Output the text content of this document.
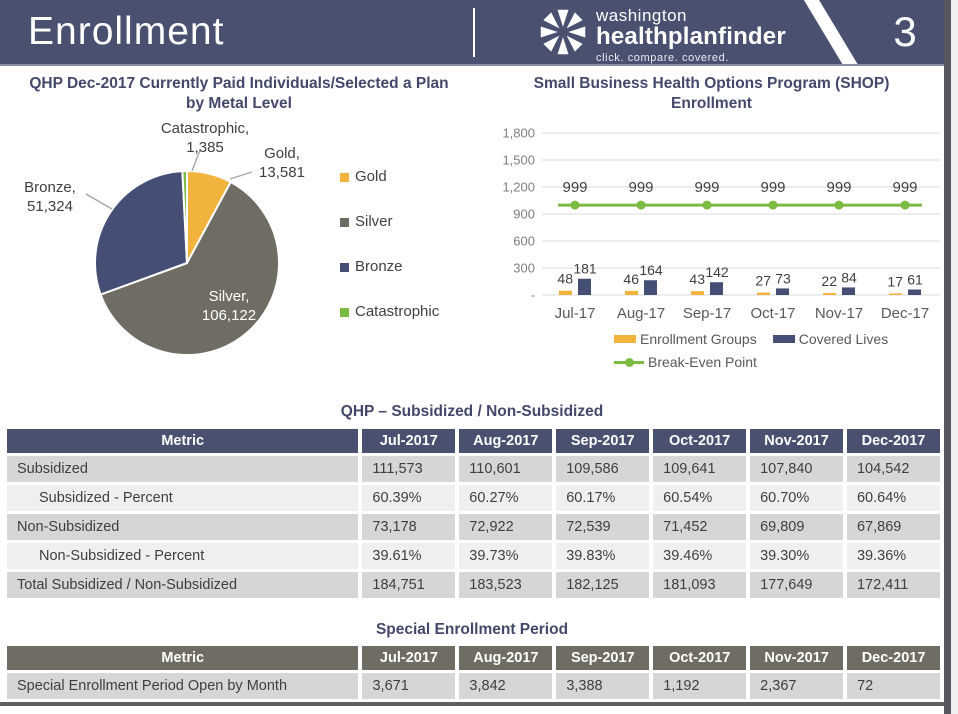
Enrollment	washington
healthplanfinder
click. compare. covered.
3
QHP Dec-2017 Currently Paid Individuals/Selected a Plan
by Metal Level
Catastrophic,
1,385	Gold,
13,581
Bronze,
51,324
Silver,
106,122
Gold
Silver
Bronze
Catastrophic
Small Business Health Options Program (SHOP)
Enrollment
1,800
1,500
1,200
900
600
300
-
48
181
Jul-17
46
164
Aug-17
43 142
Sep-17
27 73
Oct-17
22 84
Nov-17
17 61
Dec-17
999	999	999	999	999	999
Enrollment Groups	Covered Lives
Break-Even Point
QHP – Subsidized / Non-Subsidized
Metric	Jul-2017	Aug-2017	Sep-2017	Oct-2017	Nov-2017	Dec-2017
Subsidized	111,573	110,601	109,586	109,641	107,840	104,542
Subsidized - Percent	60.39%	60.27%	60.17%	60.54%	60.70%	60.64%
Non-Subsidized	73,178	72,922	72,539	71,452	69,809	67,869
Non-Subsidized - Percent	39.61%	39.73%	39.83%	39.46%	39.30%	39.36%
Total Subsidized / Non-Subsidized	184,751	183,523	182,125	181,093	177,649	172,411
Special Enrollment Period
Metric	Jul-2017	Aug-2017	Sep-2017	Oct-2017	Nov-2017	Dec-2017
Special Enrollment Period Open by Month	3,671	3,842	3,388	1,192	2,367	72
